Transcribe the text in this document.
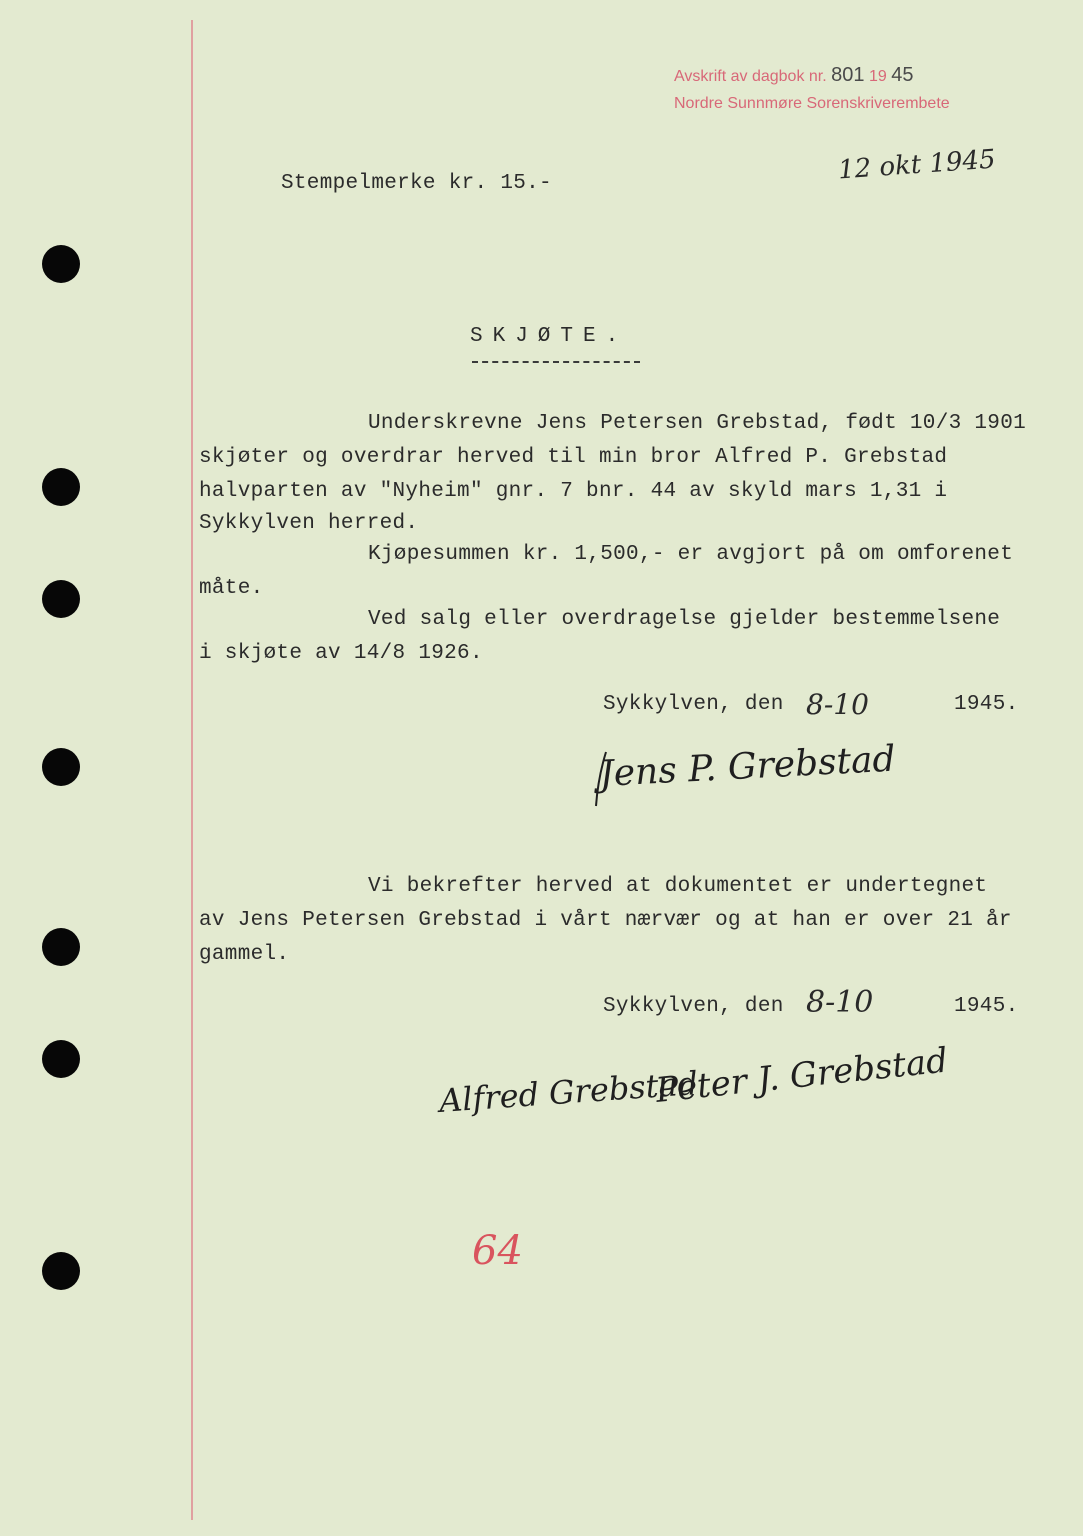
Avskrift av dagbok nr. 801 19 45
Nordre Sunnmøre Sorenskriverembete
12 okt 1945
Stempelmerke kr. 15.-
SKJØTE.
Underskrevne Jens Petersen Grebstad, født 10/3 1901
skjøter og overdrar herved til min bror Alfred P. Grebstad
halvparten av "Nyheim" gnr. 7 bnr. 44 av skyld mars 1,31 i
Sykkylven herred.
Kjøpesummen kr. 1,500,- er avgjort på om omforenet
måte.
Ved salg eller overdragelse gjelder bestemmelsene
i skjøte av 14/8 1926.
Sykkylven, den 8-10	1945.
Jens P. Grebstad
Vi bekrefter herved at dokumentet er undertegnet
av Jens Petersen Grebstad i vårt nærvær og at han er over 21 år
gammel.
Sykkylven, den 8-10	1945.
Alfred Grebstad
Peter J. Grebstad
64
